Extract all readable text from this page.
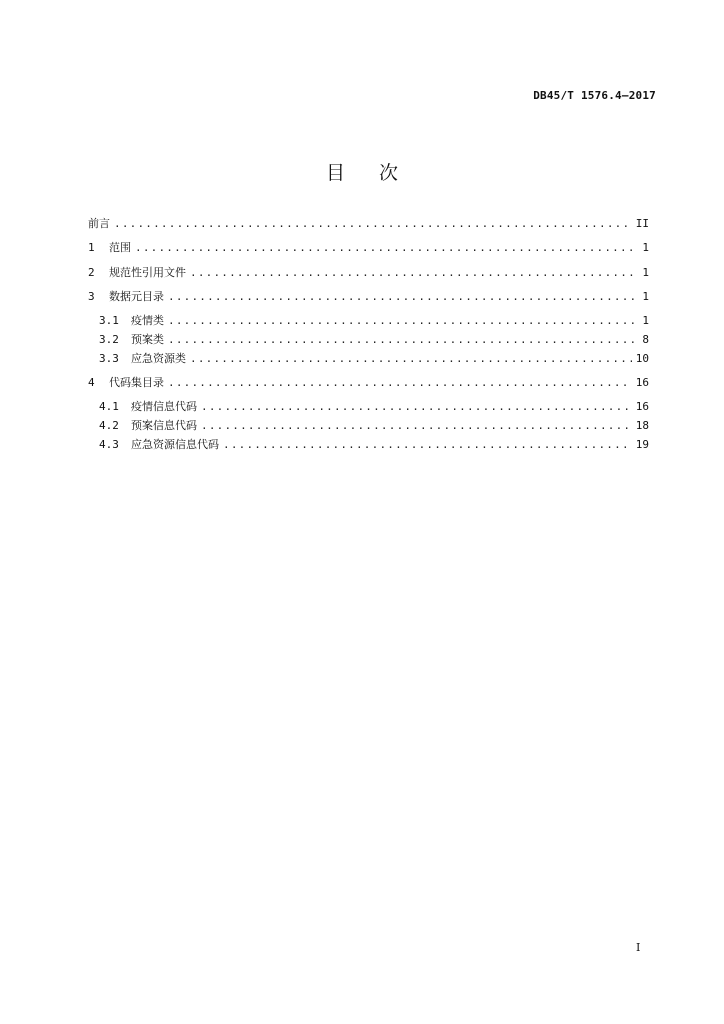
DB45/T 1576.4—2017
目次
前言 .....	II
1	范围 .....	1
2	规范性引用文件 .....	1
3	数据元目录 .....	1
3.1	疫情类 .....	1
3.2	预案类 .....	8
3.3	应急资源类 .....	10
4	代码集目录 .....	16
4.1	疫情信息代码 .....	16
4.2	预案信息代码 .....	18
4.3	应急资源信息代码 .....	19
I
